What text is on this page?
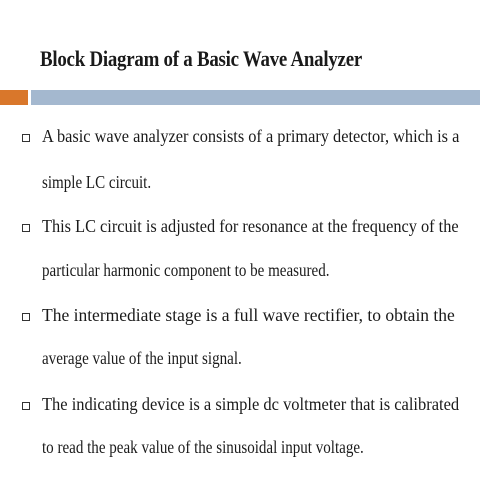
Block Diagram of a Basic Wave Analyzer
A basic wave analyzer consists of a primary detector, which is a
simple LC circuit.
This LC circuit is adjusted for resonance at the frequency of the
particular harmonic component to be measured.
The intermediate stage is a full wave rectifier, to obtain the
average value of the input signal.
The indicating device is a simple dc voltmeter that is calibrated
to read the peak value of the sinusoidal input voltage.
